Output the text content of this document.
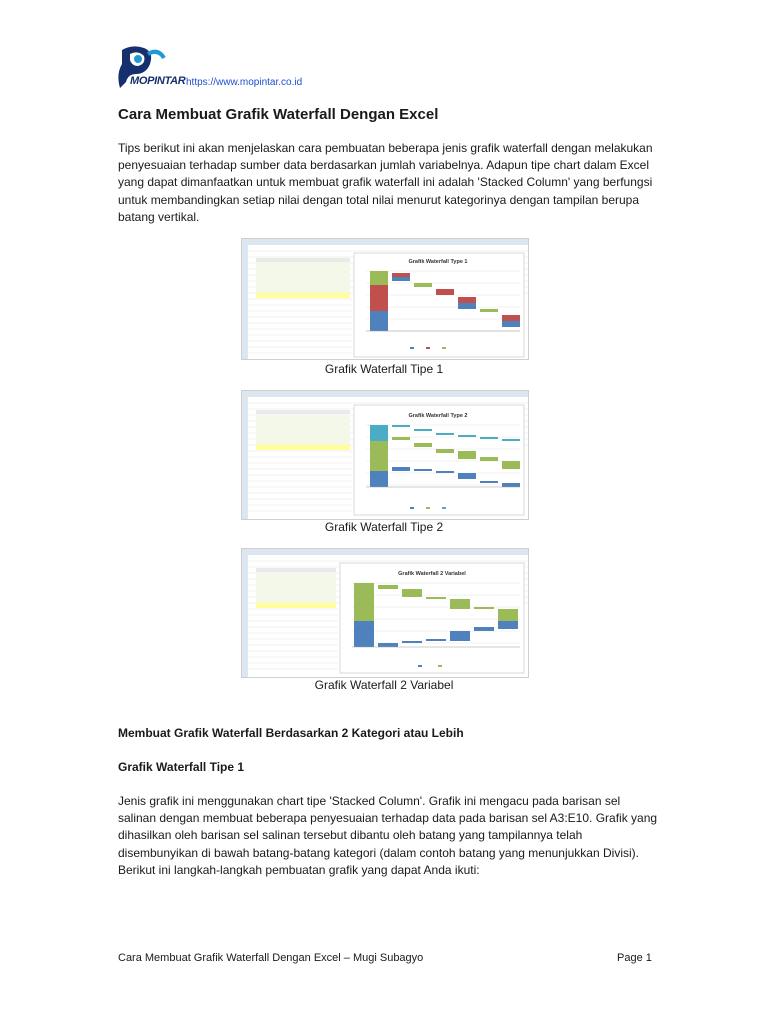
MOPINTAR https://www.mopintar.co.id
Cara Membuat Grafik Waterfall Dengan Excel

Tips berikut ini akan menjelaskan cara pembuatan beberapa jenis grafik waterfall dengan melakukan penyesuaian terhadap sumber data berdasarkan jumlah variabelnya. Adapun tipe chart dalam Excel yang dapat dimanfaatkan untuk membuat grafik waterfall ini adalah 'Stacked Column' yang berfungsi untuk membandingkan setiap nilai dengan total nilai menurut kategorinya dengan tampilan berupa batang vertikal.

Grafik Waterfall Type 1

Grafik Waterfall Tipe 1

Grafik Waterfall Type 2

Grafik Waterfall Tipe 2

Grafik Waterfall 2 Variabel

Grafik Waterfall 2 Variabel

Membuat Grafik Waterfall Berdasarkan 2 Kategori atau Lebih
Grafik Waterfall Tipe 1

Jenis grafik ini menggunakan chart tipe 'Stacked Column'. Grafik ini mengacu pada barisan sel salinan dengan membuat beberapa penyesuaian terhadap data pada barisan sel A3:E10. Grafik yang dihasilkan oleh barisan sel salinan tersebut dibantu oleh batang yang tampilannya telah disembunyikan di bawah batang-batang kategori (dalam contoh batang yang menunjukkan Divisi). Berikut ini langkah-langkah pembuatan grafik yang dapat Anda ikuti:

Cara Membuat Grafik Waterfall Dengan Excel – Mugi Subagyo	Page 1
